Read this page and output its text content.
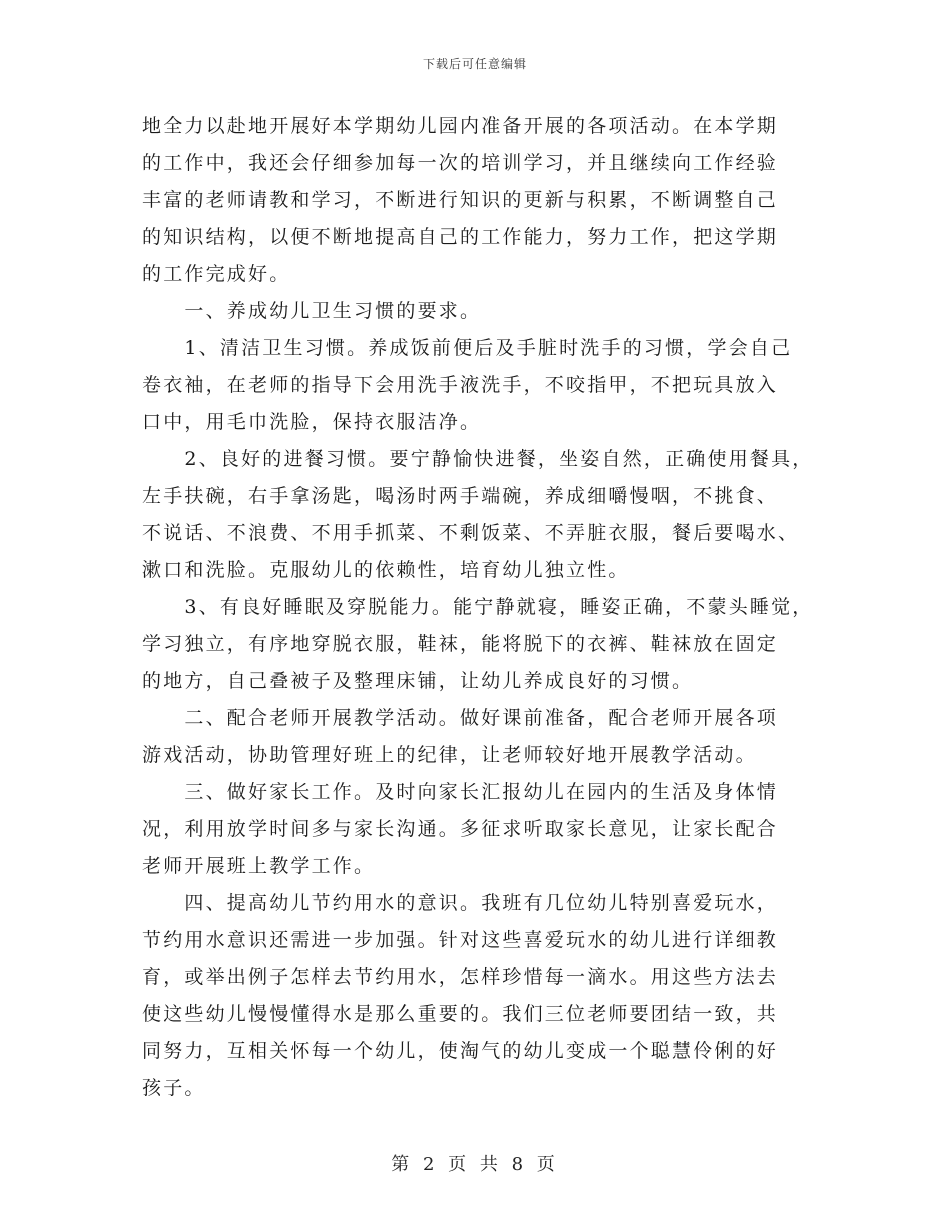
下载后可任意编辑
地全力以赴地开展好本学期幼儿园内准备开展的各项活动。在本学期
的工作中，我还会仔细参加每一次的培训学习，并且继续向工作经验
丰富的老师请教和学习，不断进行知识的更新与积累，不断调整自己
的知识结构，以便不断地提高自己的工作能力，努力工作，把这学期
的工作完成好。
　　一、养成幼儿卫生习惯的要求。
　　1、清洁卫生习惯。养成饭前便后及手脏时洗手的习惯，学会自己
卷衣袖，在老师的指导下会用洗手液洗手，不咬指甲，不把玩具放入
口中，用毛巾洗脸，保持衣服洁净。
　　2、良好的进餐习惯。要宁静愉快进餐，坐姿自然，正确使用餐具，
左手扶碗，右手拿汤匙，喝汤时两手端碗，养成细嚼慢咽，不挑食、
不说话、不浪费、不用手抓菜、不剩饭菜、不弄脏衣服，餐后要喝水、
漱口和洗脸。克服幼儿的依赖性，培育幼儿独立性。
　　3、有良好睡眠及穿脱能力。能宁静就寝，睡姿正确，不蒙头睡觉，
学习独立，有序地穿脱衣服，鞋袜，能将脱下的衣裤、鞋袜放在固定
的地方，自己叠被子及整理床铺，让幼儿养成良好的习惯。
　　二、配合老师开展教学活动。做好课前准备，配合老师开展各项
游戏活动，协助管理好班上的纪律，让老师较好地开展教学活动。
　　三、做好家长工作。及时向家长汇报幼儿在园内的生活及身体情
况，利用放学时间多与家长沟通。多征求听取家长意见，让家长配合
老师开展班上教学工作。
　　四、提高幼儿节约用水的意识。我班有几位幼儿特别喜爱玩水，
节约用水意识还需进一步加强。针对这些喜爱玩水的幼儿进行详细教
育，或举出例子怎样去节约用水，怎样珍惜每一滴水。用这些方法去
使这些幼儿慢慢懂得水是那么重要的。我们三位老师要团结一致，共
同努力，互相关怀每一个幼儿，使淘气的幼儿变成一个聪慧伶俐的好
孩子。
第 2 页 共 8 页
